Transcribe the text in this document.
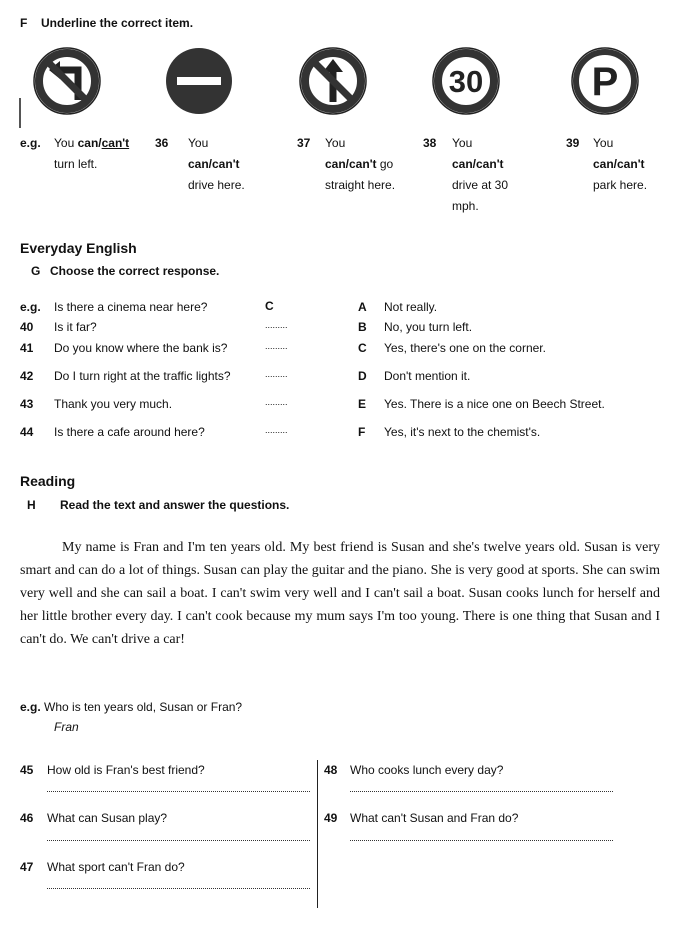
F Underline the correct item.
30	P
e.g. You can/can't
turn left.
36 You
can/can't
drive here.
37 You
can/can't go
straight here.
38 You
can/can't
drive at 30
mph.
39 You
can/can't
park here.
Everyday English
G Choose the correct response.
e.g. Is there a cinema near here?	C
40 Is it far?	.........
41 Do you know where the bank is?	.........
42 Do I turn right at the traffic lights?	.........
43 Thank you very much.	.........
44 Is there a cafe around here?	.........
A Not really.
B No, you turn left.
C Yes, there's one on the corner.
D Don't mention it.
E Yes. There is a nice one on Beech Street.
F Yes, it's next to the chemist's.
Reading
H Read the text and answer the questions.

My name is Fran and I'm ten years old. My best friend is Susan and she's twelve years old. Susan is very smart and can do a lot of things. Susan can play the guitar and the piano. She is very good at sports. She can swim very well and she can sail a boat. I can't swim very well and I can't sail a boat. Susan cooks lunch for herself and her little brother every day. I can't cook because my mum says I'm too young. There is one thing that Susan and I can't do. We can't drive a car!

e.g. Who is ten years old, Susan or Fran?
Fran
45 How old is Fran's best friend?
46 What can Susan play?
47 What sport can't Fran do?
48 Who cooks lunch every day?
49 What can't Susan and Fran do?
